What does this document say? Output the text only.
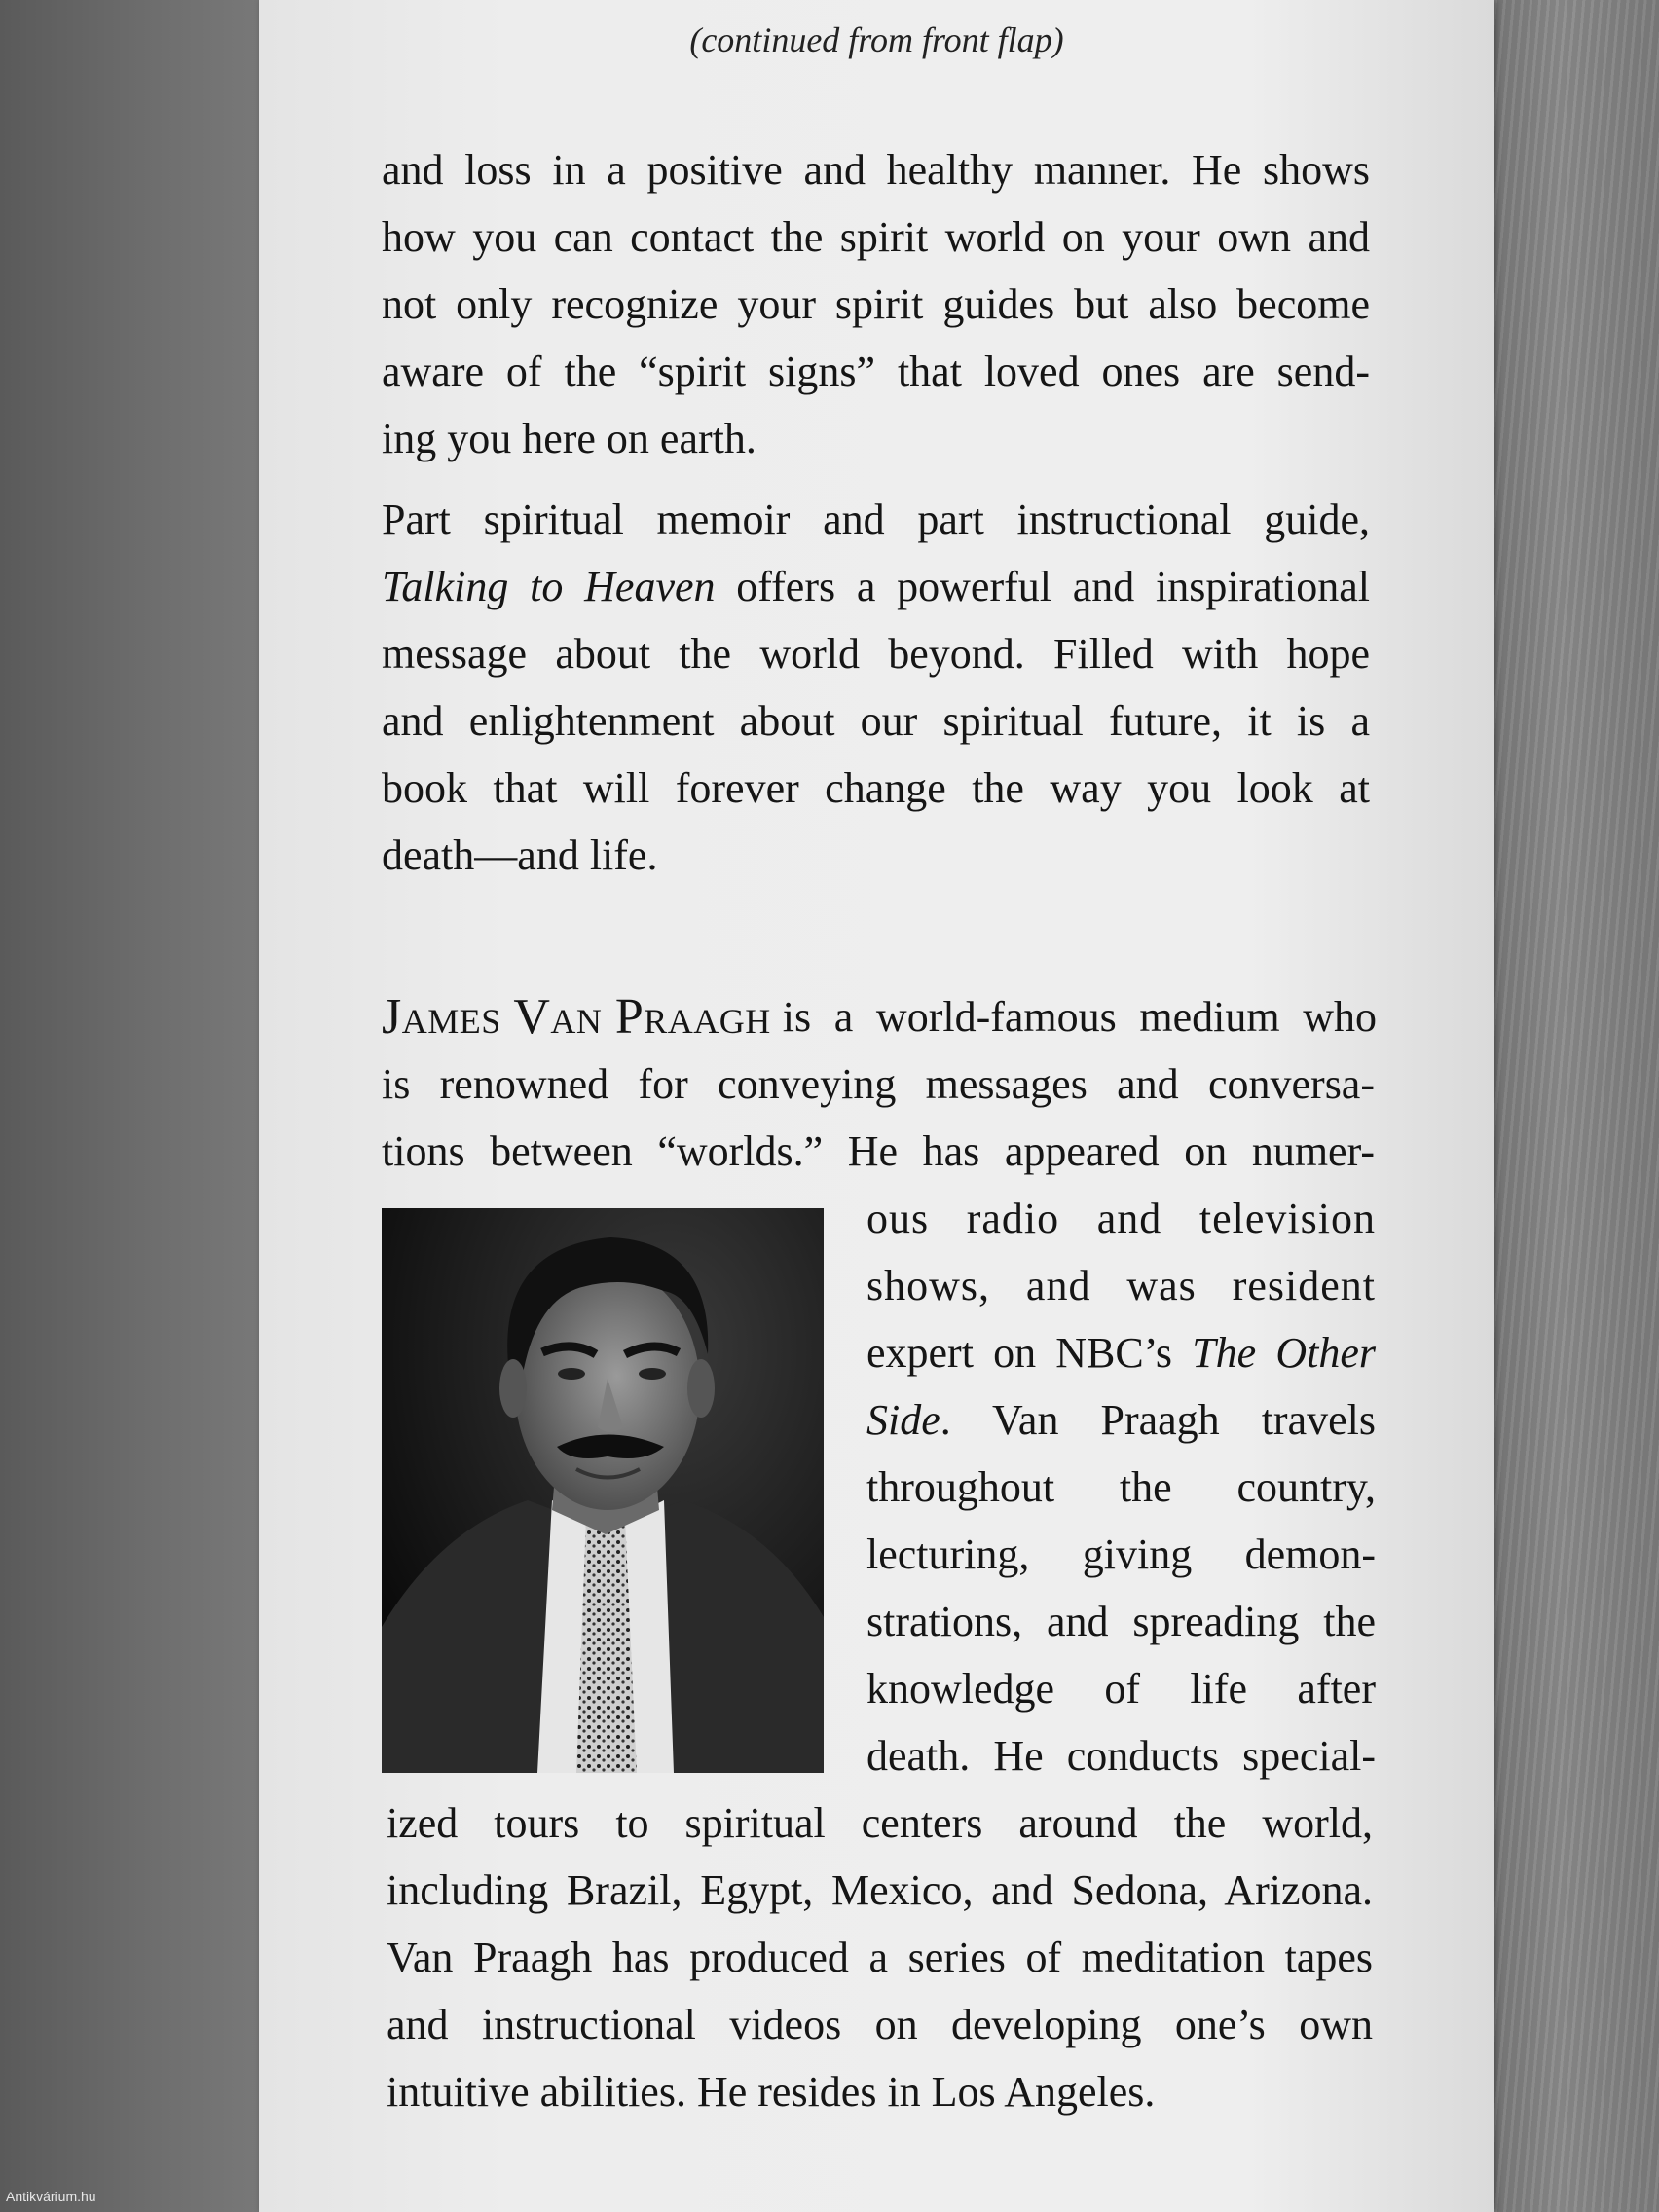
(continued from front flap)
and loss in a positive and healthy manner. He shows
how you can contact the spirit world on your own and
not only recognize your spirit guides but also become
aware of the “spirit signs” that loved ones are send-
ing you here on earth.
Part spiritual memoir and part instructional guide,
Talking to Heaven offers a powerful and inspirational
message about the world beyond. Filled with hope
and enlightenment about our spiritual future, it is a
book that will forever change the way you look at
death—and life.
James Van Praagh is a world-famous medium who
is renowned for conveying messages and conversa-
tions between “worlds.” He has appeared on numer-
ous radio and television
shows, and was resident
expert on NBC’s The Other
Side. Van Praagh travels
throughout the country,
lecturing, giving demon-
strations, and spreading the
knowledge of life after
death. He conducts special-
ized tours to spiritual centers around the world,
including Brazil, Egypt, Mexico, and Sedona, Arizona.
Van Praagh has produced a series of meditation tapes
and instructional videos on developing one’s own
intuitive abilities. He resides in Los Angeles.
Antikvárium.hu
